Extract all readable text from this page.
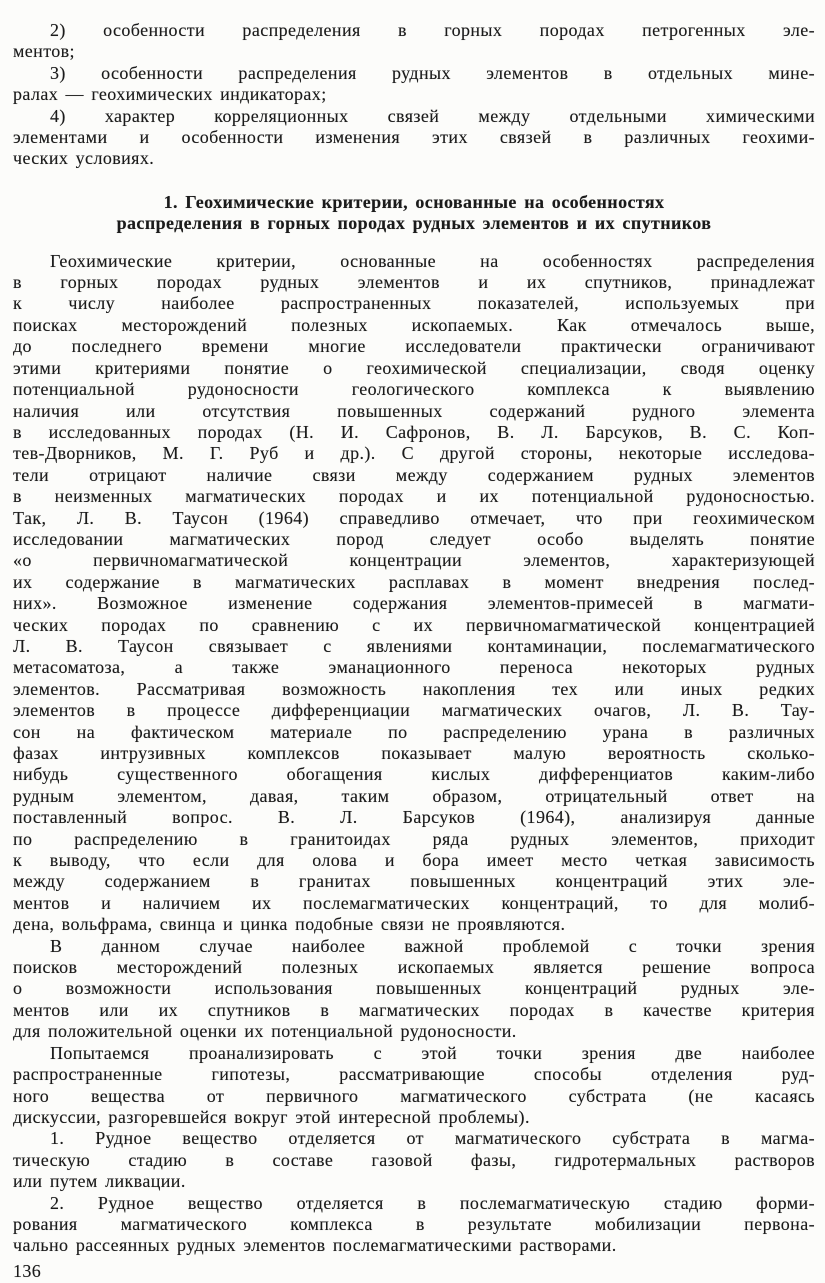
2) особенности распределения в горных породах петрогенных эле-
ментов;
3) особенности распределения рудных элементов в отдельных мине-
ралах — геохимических индикаторах;
4) характер корреляционных связей между отдельными химическими
элементами и особенности изменения этих связей в различных геохими-
ческих условиях.
1. Геохимические критерии, основанные на особенностях
распределения в горных породах рудных элементов и их спутников
Геохимические критерии, основанные на особенностях распределения
в горных породах рудных элементов и их спутников, принадлежат
к числу наиболее распространенных показателей, используемых при
поисках месторождений полезных ископаемых. Как отмечалось выше,
до последнего времени многие исследователи практически ограничивают
этими критериями понятие о геохимической специализации, сводя оценку
потенциальной рудоносности геологического комплекса к выявлению
наличия или отсутствия повышенных содержаний рудного элемента
в исследованных породах (Н. И. Сафронов, В. Л. Барсуков, В. С. Коп-
тев-Дворников, М. Г. Руб и др.). С другой стороны, некоторые исследова-
тели отрицают наличие связи между содержанием рудных элементов
в неизменных магматических породах и их потенциальной рудоносностью.
Так, Л. В. Таусон (1964) справедливо отмечает, что при геохимическом
исследовании магматических пород следует особо выделять понятие
«о первичномагматической концентрации элементов, характеризующей
их содержание в магматических расплавах в момент внедрения послед-
них». Возможное изменение содержания элементов-примесей в магмати-
ческих породах по сравнению с их первичномагматической концентрацией
Л. В. Таусон связывает с явлениями контаминации, послемагматического
метасоматоза, а также эманационного переноса некоторых рудных
элементов. Рассматривая возможность накопления тех или иных редких
элементов в процессе дифференциации магматических очагов, Л. В. Тау-
сон на фактическом материале по распределению урана в различных
фазах интрузивных комплексов показывает малую вероятность сколько-
нибудь существенного обогащения кислых дифференциатов каким-либо
рудным элементом, давая, таким образом, отрицательный ответ на
поставленный вопрос. В. Л. Барсуков (1964), анализируя данные
по распределению в гранитоидах ряда рудных элементов, приходит
к выводу, что если для олова и бора имеет место четкая зависимость
между содержанием в гранитах повышенных концентраций этих эле-
ментов и наличием их послемагматических концентраций, то для молиб-
дена, вольфрама, свинца и цинка подобные связи не проявляются.
В данном случае наиболее важной проблемой с точки зрения
поисков месторождений полезных ископаемых является решение вопроса
о возможности использования повышенных концентраций рудных эле-
ментов или их спутников в магматических породах в качестве критерия
для положительной оценки их потенциальной рудоносности.
Попытаемся проанализировать с этой точки зрения две наиболее
распространенные гипотезы, рассматривающие способы отделения руд-
ного вещества от первичного магматического субстрата (не касаясь
дискуссии, разгоревшейся вокруг этой интересной проблемы).
1. Рудное вещество отделяется от магматического субстрата в магма-
тическую стадию в составе газовой фазы, гидротермальных растворов
или путем ликвации.
2. Рудное вещество отделяется в послемагматическую стадию форми-
рования магматического комплекса в результате мобилизации первона-
чально рассеянных рудных элементов послемагматическими растворами.
136
